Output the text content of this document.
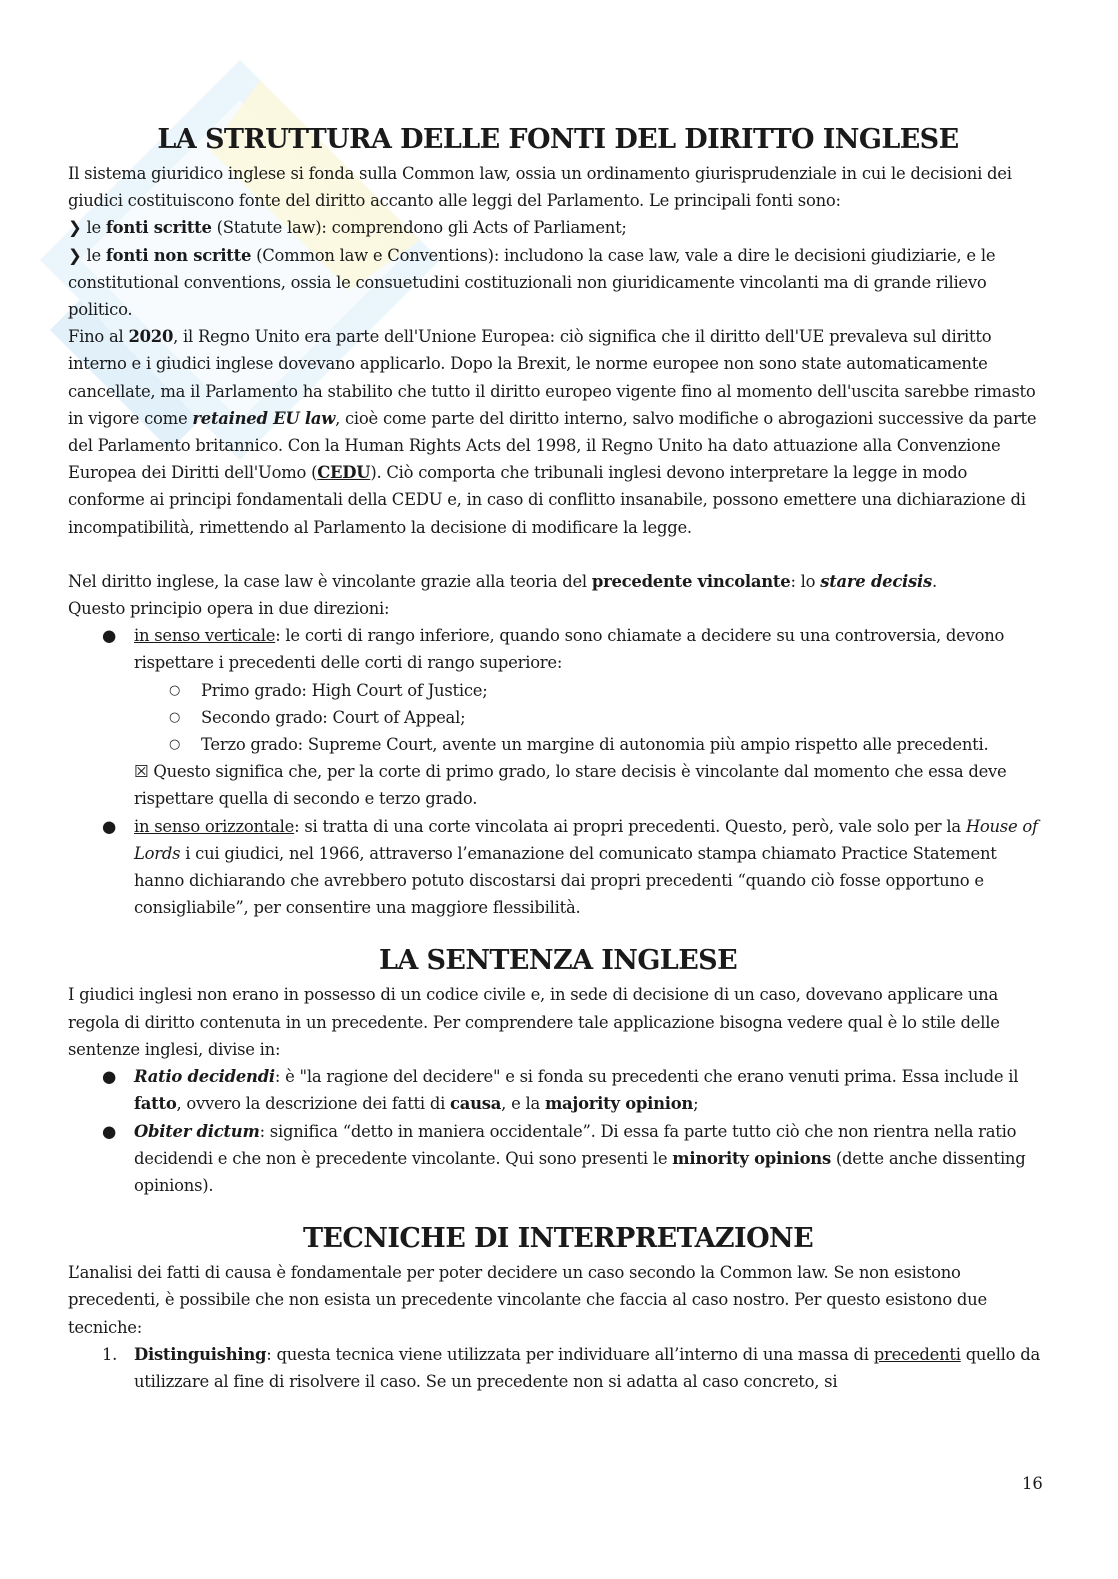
LA STRUTTURA DELLE FONTI DEL DIRITTO INGLESE

Il sistema giuridico inglese si fonda sulla Common law, ossia un ordinamento giurisprudenziale in cui le decisioni dei giudici costituiscono fonte del diritto accanto alle leggi del Parlamento. Le principali fonti sono:

❯ le fonti scritte (Statute law): comprendono gli Acts of Parliament;

❯ le fonti non scritte (Common law e Conventions): includono la case law, vale a dire le decisioni giudiziarie, e le constitutional conventions, ossia le consuetudini costituzionali non giuridicamente vincolanti ma di grande rilievo politico.

Fino al 2020, il Regno Unito era parte dell'Unione Europea: ciò significa che il diritto dell'UE prevaleva sul diritto interno e i giudici inglese dovevano applicarlo. Dopo la Brexit, le norme europee non sono state automaticamente cancellate, ma il Parlamento ha stabilito che tutto il diritto europeo vigente fino al momento dell'uscita sarebbe rimasto in vigore come retained EU law, cioè come parte del diritto interno, salvo modifiche o abrogazioni successive da parte del Parlamento britannico. Con la Human Rights Acts del 1998, il Regno Unito ha dato attuazione alla Convenzione Europea dei Diritti dell'Uomo (CEDU). Ciò comporta che tribunali inglesi devono interpretare la legge in modo conforme ai principi fondamentali della CEDU e, in caso di conflitto insanabile, possono emettere una dichiarazione di incompatibilità, rimettendo al Parlamento la decisione di modificare la legge.

Nel diritto inglese, la case law è vincolante grazie alla teoria del precedente vincolante: lo stare decisis.
Questo principio opera in due direzioni:

● in senso verticale: le corti di rango inferiore, quando sono chiamate a decidere su una controversia, devono rispettare i precedenti delle corti di rango superiore:
○ Primo grado: High Court of Justice;
○ Secondo grado: Court of Appeal;
○ Terzo grado: Supreme Court, avente un margine di autonomia più ampio rispetto alle precedenti.
☒ Questo significa che, per la corte di primo grado, lo stare decisis è vincolante dal momento che essa deve rispettare quella di secondo e terzo grado.
● in senso orizzontale: si tratta di una corte vincolata ai propri precedenti. Questo, però, vale solo per la House of Lords i cui giudici, nel 1966, attraverso l’emanazione del comunicato stampa chiamato Practice Statement hanno dichiarando che avrebbero potuto discostarsi dai propri precedenti “quando ciò fosse opportuno e consigliabile”, per consentire una maggiore flessibilità.
LA SENTENZA INGLESE

I giudici inglesi non erano in possesso di un codice civile e, in sede di decisione di un caso, dovevano applicare una regola di diritto contenuta in un precedente. Per comprendere tale applicazione bisogna vedere qual è lo stile delle sentenze inglesi, divise in:

● Ratio decidendi: è "la ragione del decidere" e si fonda su precedenti che erano venuti prima. Essa include il fatto, ovvero la descrizione dei fatti di causa, e la majority opinion;
● Obiter dictum: significa “detto in maniera occidentale”. Di essa fa parte tutto ciò che non rientra nella ratio decidendi e che non è precedente vincolante. Qui sono presenti le minority opinions (dette anche dissenting opinions).
TECNICHE DI INTERPRETAZIONE

L’analisi dei fatti di causa è fondamentale per poter decidere un caso secondo la Common law. Se non esistono precedenti, è possibile che non esista un precedente vincolante che faccia al caso nostro. Per questo esistono due tecniche:

1. Distinguishing: questa tecnica viene utilizzata per individuare all’interno di una massa di precedenti quello da utilizzare al fine di risolvere il caso. Se un precedente non si adatta al caso concreto, si
16
